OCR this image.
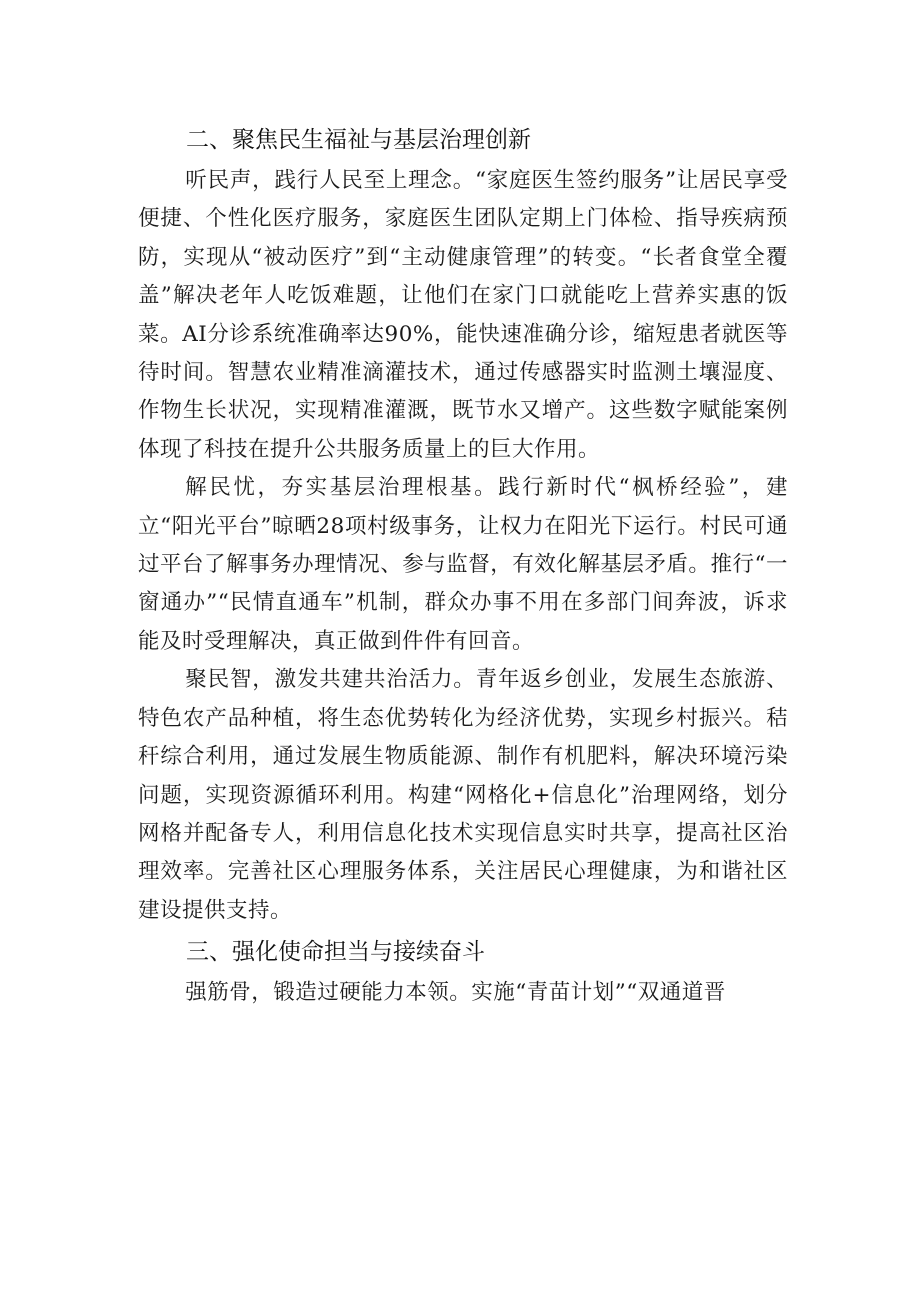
二、聚焦民生福祉与基层治理创新

听民声，践行人民至上理念。“家庭医生签约服务”让居民享受便捷、个性化医疗服务，家庭医生团队定期上门体检、指导疾病预防，实现从“被动医疗”到“主动健康管理”的转变。“长者食堂全覆盖”解决老年人吃饭难题，让他们在家门口就能吃上营养实惠的饭菜。AI分诊系统准确率达90%，能快速准确分诊，缩短患者就医等待时间。智慧农业精准滴灌技术，通过传感器实时监测土壤湿度、作物生长状况，实现精准灌溉，既节水又增产。这些数字赋能案例体现了科技在提升公共服务质量上的巨大作用。

解民忧，夯实基层治理根基。践行新时代“枫桥经验”，建立“阳光平台”晾晒28项村级事务，让权力在阳光下运行。村民可通过平台了解事务办理情况、参与监督，有效化解基层矛盾。推行“一窗通办”“民情直通车”机制，群众办事不用在多部门间奔波，诉求能及时受理解决，真正做到件件有回音。

聚民智，激发共建共治活力。青年返乡创业，发展生态旅游、特色农产品种植，将生态优势转化为经济优势，实现乡村振兴。秸秆综合利用，通过发展生物质能源、制作有机肥料，解决环境污染问题，实现资源循环利用。构建“网格化+信息化”治理网络，划分网格并配备专人，利用信息化技术实现信息实时共享，提高社区治理效率。完善社区心理服务体系，关注居民心理健康，为和谐社区建设提供支持。

三、强化使命担当与接续奋斗

强筋骨，锻造过硬能力本领。实施“青苗计划”“双通道晋
